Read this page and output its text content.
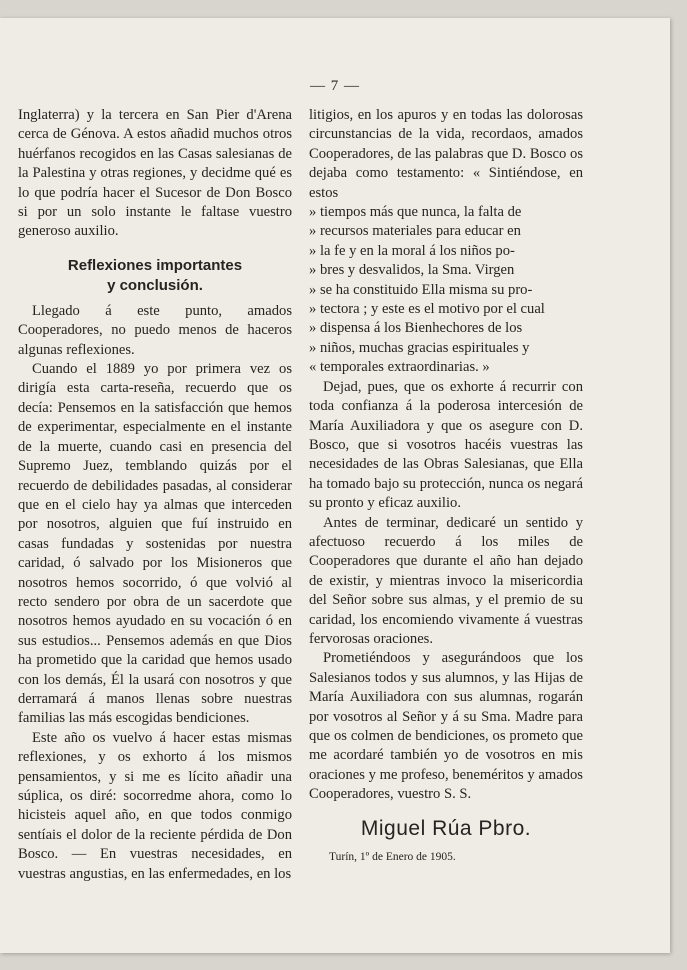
— 7 —

Inglaterra) y la tercera en San Pier d'Arena cerca de Génova. A estos añadid muchos otros huérfanos recogidos en las Casas salesianas de la Palestina y otras regiones, y decidme qué es lo que podría hacer el Sucesor de Don Bosco si por un solo instante le faltase vuestro generoso auxilio.

Reflexiones importantes
y conclusión.

Llegado á este punto, amados Cooperadores, no puedo menos de haceros algunas reflexiones.

Cuando el 1889 yo por primera vez os dirigía esta carta-reseña, recuerdo que os decía: Pensemos en la satisfacción que hemos de experimentar, especialmente en el instante de la muerte, cuando casi en presencia del Supremo Juez, temblando quizás por el recuerdo de debilidades pasadas, al considerar que en el cielo hay ya almas que interceden por nosotros, alguien que fuí instruido en casas fundadas y sostenidas por nuestra caridad, ó salvado por los Misioneros que nosotros hemos socorrido, ó que volvió al recto sendero por obra de un sacerdote que nosotros hemos ayudado en su vocación ó en sus estudios... Pensemos además en que Dios ha prometido que la caridad que hemos usado con los demás, Él la usará con nosotros y que derramará á manos llenas sobre nuestras familias las más escogidas bendiciones.

Este año os vuelvo á hacer estas mismas reflexiones, y os exhorto á los mismos pensamientos, y si me es lícito añadir una súplica, os diré: socorredme ahora, como lo hicisteis aquel año, en que todos conmigo sentíais el dolor de la reciente pérdida de Don Bosco. — En vuestras necesidades, en vuestras angustias, en las enfermedades, en los

litigios, en los apuros y en todas las dolorosas circunstancias de la vida, recordaos, amados Cooperadores, de las palabras que D. Bosco os dejaba como testamento: « Sintiéndose, en estos

» tiempos más que nunca, la falta de
» recursos materiales para educar en
» la fe y en la moral á los niños po-
» bres y desvalidos, la Sma. Virgen
» se ha constituido Ella misma su pro-
» tectora ; y este es el motivo por el cual
» dispensa á los Bienhechores de los
» niños, muchas gracias espirituales y
« temporales extraordinarias. »

Dejad, pues, que os exhorte á recurrir con toda confianza á la poderosa intercesión de María Auxiliadora y que os asegure con D. Bosco, que si vosotros hacéis vuestras las necesidades de las Obras Salesianas, que Ella ha tomado bajo su protección, nunca os negará su pronto y eficaz auxilio.

Antes de terminar, dedicaré un sentido y afectuoso recuerdo á los miles de Cooperadores que durante el año han dejado de existir, y mientras invoco la misericordia del Señor sobre sus almas, y el premio de su caridad, los encomiendo vivamente á vuestras fervorosas oraciones.

Prometiéndoos y asegurándoos que los Salesianos todos y sus alumnos, y las Hijas de María Auxiliadora con sus alumnas, rogarán por vosotros al Señor y á su Sma. Madre para que os colmen de bendiciones, os prometo que me acordaré también yo de vosotros en mis oraciones y me profeso, beneméritos y amados Cooperadores, vuestro S. S.

Miguel Rúa Pbro.
Turín, 1º de Enero de 1905.
